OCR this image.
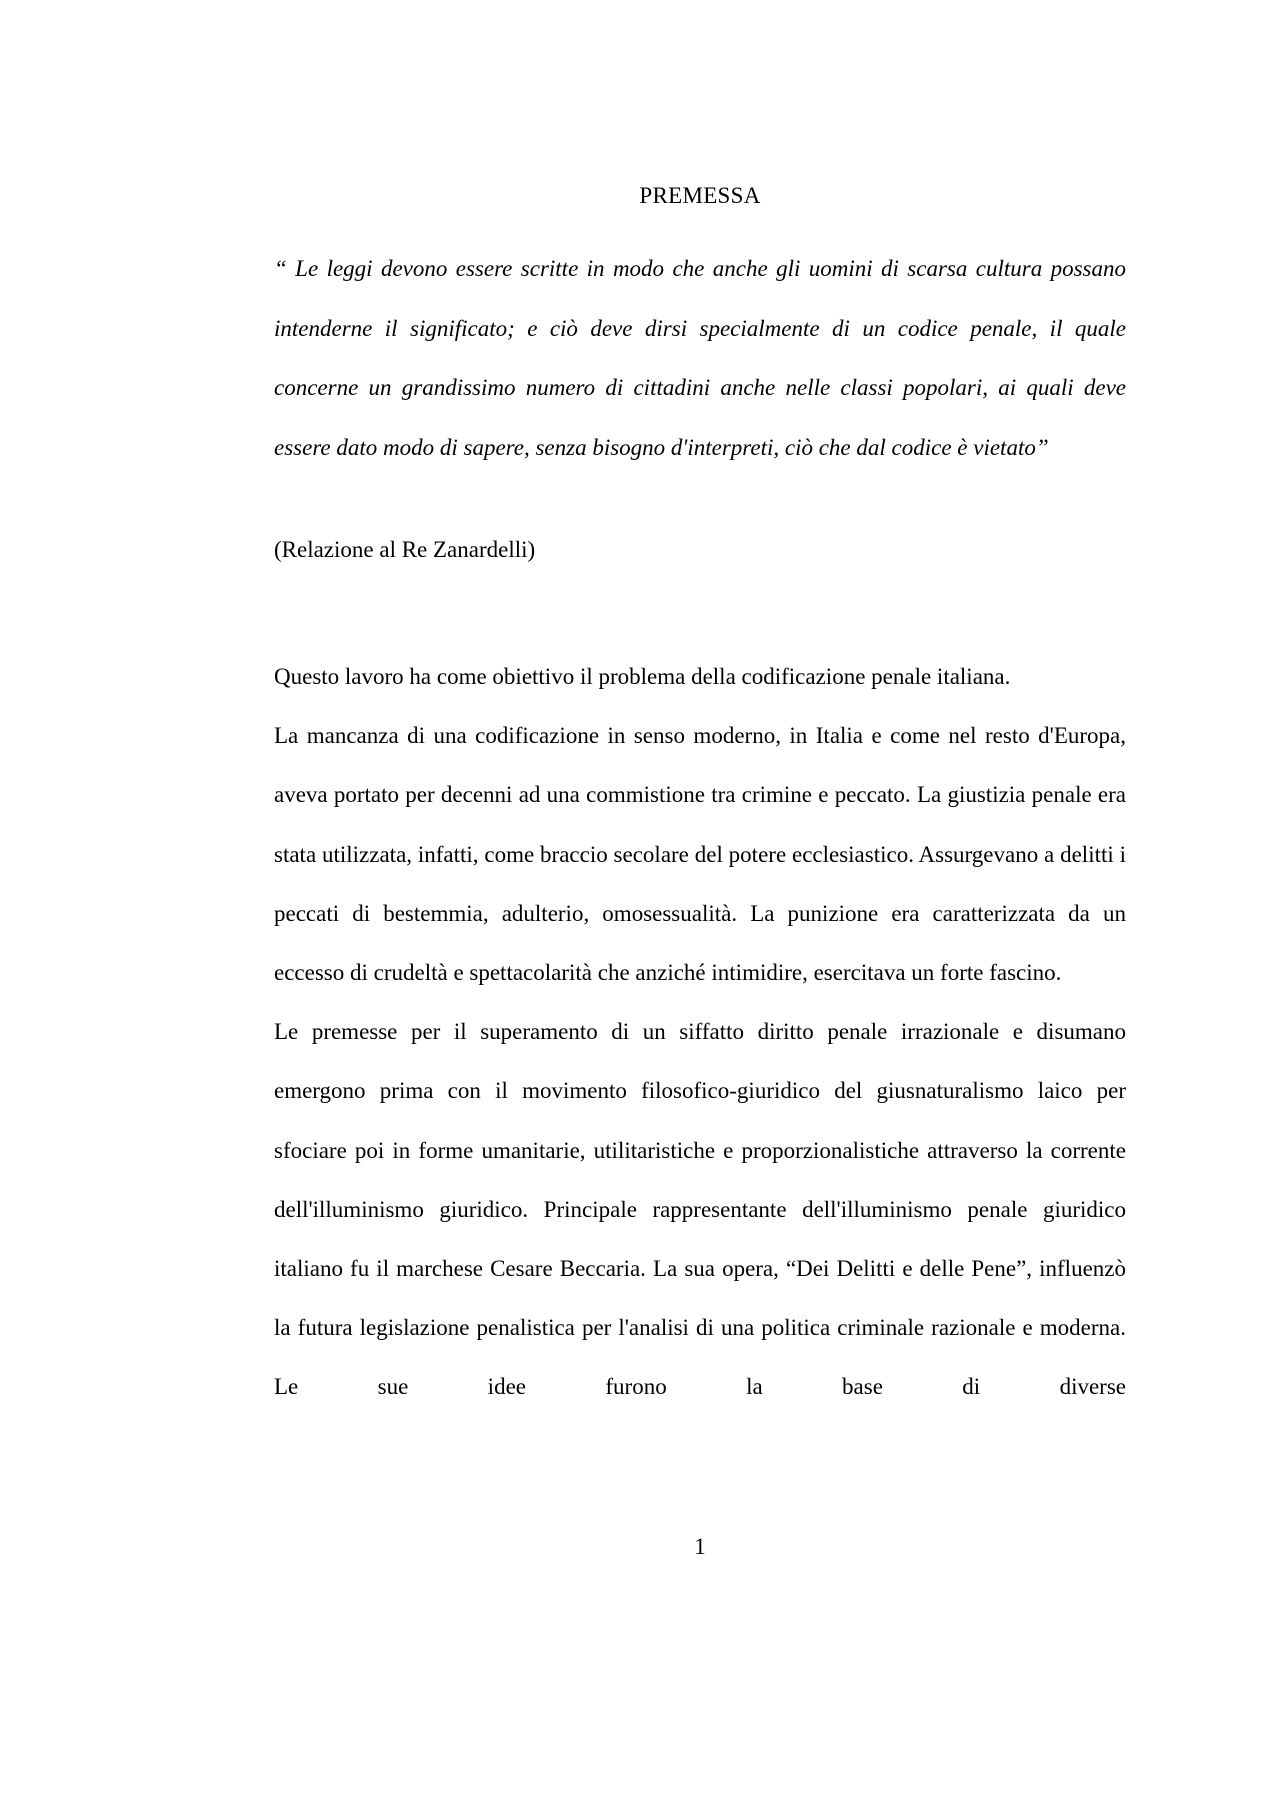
PREMESSA
“ Le leggi devono essere scritte in modo che anche gli uomini di scarsa cultura possano intenderne il significato; e ciò deve dirsi specialmente di un codice penale, il quale concerne un grandissimo numero di cittadini anche nelle classi popolari, ai quali deve essere dato modo di sapere, senza bisogno d'interpreti, ciò che dal codice è vietato”
(Relazione al Re Zanardelli)

Questo lavoro ha come obiettivo il problema della codificazione penale italiana.

La mancanza di una codificazione in senso moderno, in Italia e come nel resto d'Europa, aveva portato per decenni ad una commistione tra crimine e peccato. La giustizia penale era stata utilizzata, infatti, come braccio secolare del potere ecclesiastico. Assurgevano a delitti i peccati di bestemmia, adulterio, omosessualità. La punizione era caratterizzata da un eccesso di crudeltà e spettacolarità che anziché intimidire, esercitava un forte fascino.

Le premesse per il superamento di un siffatto diritto penale irrazionale e disumano emergono prima con il movimento filosofico-giuridico del giusnaturalismo laico per sfociare poi in forme umanitarie, utilitaristiche e proporzionalistiche attraverso la corrente dell'illuminismo giuridico. Principale rappresentante dell'illuminismo penale giuridico italiano fu il marchese Cesare Beccaria. La sua opera, “Dei Delitti e delle Pene”, influenzò la futura legislazione penalistica per l'analisi di una politica criminale razionale e moderna. Le sue idee furono la base di diverse

1
